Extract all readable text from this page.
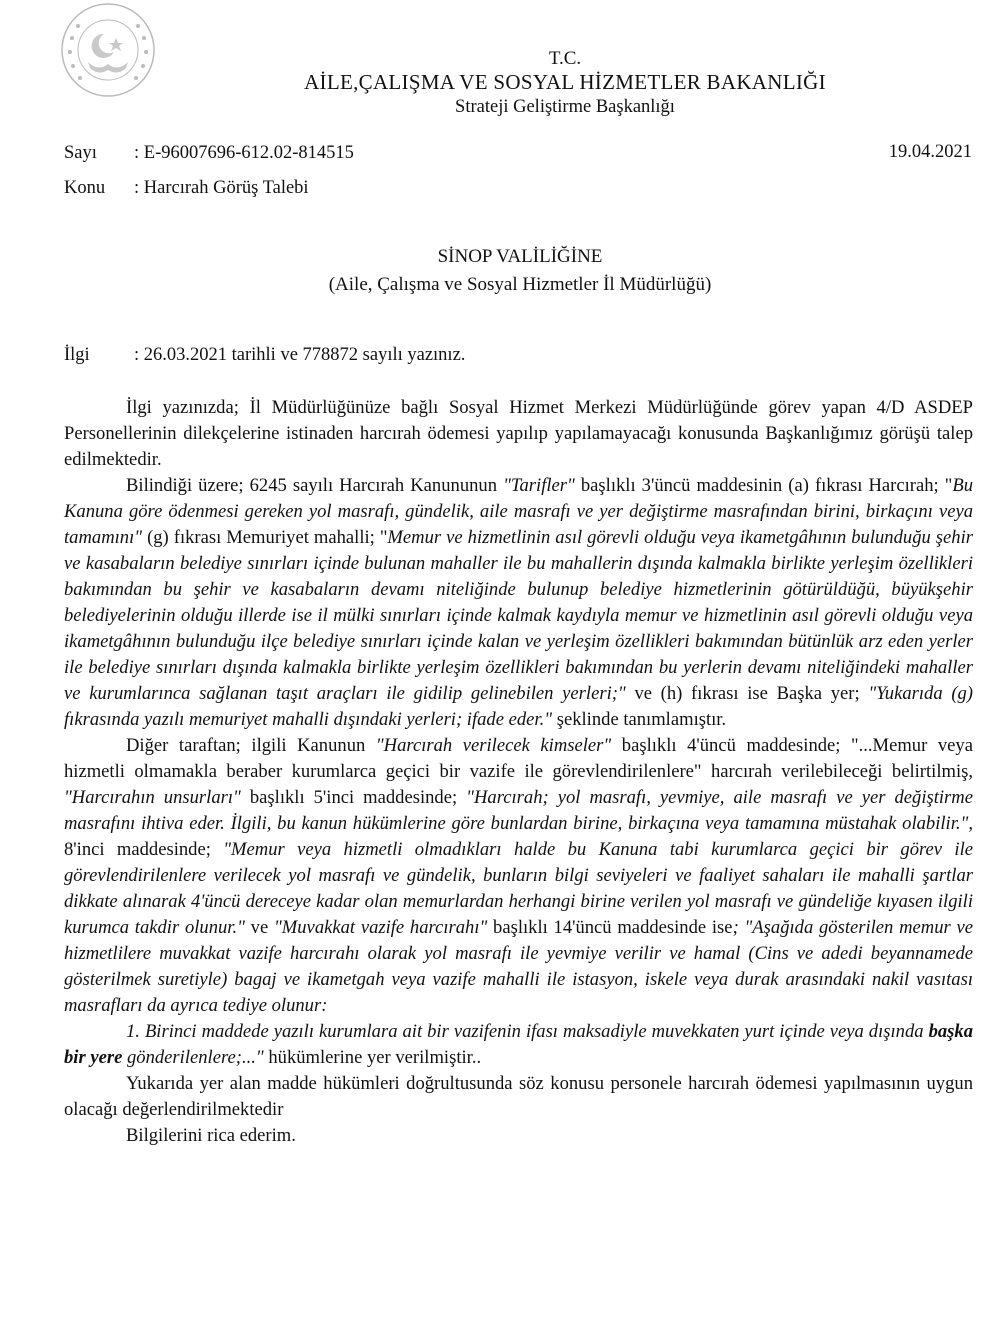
T.C.
AİLE,ÇALIŞMA VE SOSYAL HİZMETLER BAKANLIĞI
Strateji Geliştirme Başkanlığı
Sayı : E-96007696-612.02-814515	19.04.2021
Konu : Harcırah Görüş Talebi
SİNOP VALİLİĞİNE
(Aile, Çalışma ve Sosyal Hizmetler İl Müdürlüğü)
İlgi : 26.03.2021 tarihli ve 778872 sayılı yazınız.

İlgi yazınızda; İl Müdürlüğünüze bağlı Sosyal Hizmet Merkezi Müdürlüğünde görev yapan 4/D ASDEP Personellerinin dilekçelerine istinaden harcırah ödemesi yapılıp yapılamayacağı konusunda Başkanlığımız görüşü talep edilmektedir.

Bilindiği üzere; 6245 sayılı Harcırah Kanununun "Tarifler" başlıklı 3'üncü maddesinin (a) fıkrası Harcırah; "Bu Kanuna göre ödenmesi gereken yol masrafı, gündelik, aile masrafı ve yer değiştirme masrafından birini, birkaçını veya tamamını" (g) fıkrası Memuriyet mahalli; "Memur ve hizmetlinin asıl görevli olduğu veya ikametgâhının bulunduğu şehir ve kasabaların belediye sınırları içinde bulunan mahaller ile bu mahallerin dışında kalmakla birlikte yerleşim özellikleri bakımından bu şehir ve kasabaların devamı niteliğinde bulunup belediye hizmetlerinin götürüldüğü, büyükşehir belediyelerinin olduğu illerde ise il mülki sınırları içinde kalmak kaydıyla memur ve hizmetlinin asıl görevli olduğu veya ikametgâhının bulunduğu ilçe belediye sınırları içinde kalan ve yerleşim özellikleri bakımından bütünlük arz eden yerler ile belediye sınırları dışında kalmakla birlikte yerleşim özellikleri bakımından bu yerlerin devamı niteliğindeki mahaller ve kurumlarınca sağlanan taşıt araçları ile gidilip gelinebilen yerleri;" ve (h) fıkrası ise Başka yer; "Yukarıda (g) fıkrasında yazılı memuriyet mahalli dışındaki yerleri; ifade eder." şeklinde tanımlamıştır.

Diğer taraftan; ilgili Kanunun "Harcırah verilecek kimseler" başlıklı 4'üncü maddesinde; "...Memur veya hizmetli olmamakla beraber kurumlarca geçici bir vazife ile görevlendirilenlere" harcırah verilebileceği belirtilmiş, "Harcırahın unsurları" başlıklı 5'inci maddesinde; "Harcırah; yol masrafı, yevmiye, aile masrafı ve yer değiştirme masrafını ihtiva eder. İlgili, bu kanun hükümlerine göre bunlardan birine, birkaçına veya tamamına müstahak olabilir.", 8'inci maddesinde; "Memur veya hizmetli olmadıkları halde bu Kanuna tabi kurumlarca geçici bir görev ile görevlendirilenlere verilecek yol masrafı ve gündelik, bunların bilgi seviyeleri ve faaliyet sahaları ile mahalli şartlar dikkate alınarak 4'üncü dereceye kadar olan memurlardan herhangi birine verilen yol masrafı ve gündeliğe kıyasen ilgili kurumca takdir olunur." ve "Muvakkat vazife harcırahı" başlıklı 14'üncü maddesinde ise; "Aşağıda gösterilen memur ve hizmetlilere muvakkat vazife harcırahı olarak yol masrafı ile yevmiye verilir ve hamal (Cins ve adedi beyannamede gösterilmek suretiyle) bagaj ve ikametgah veya vazife mahalli ile istasyon, iskele veya durak arasındaki nakil vasıtası masrafları da ayrıca tediye olunur:

1. Birinci maddede yazılı kurumlara ait bir vazifenin ifası maksadiyle muvekkaten yurt içinde veya dışında başka bir yere gönderilenlere;..." hükümlerine yer verilmiştir..

Yukarıda yer alan madde hükümleri doğrultusunda söz konusu personele harcırah ödemesi yapılmasının uygun olacağı değerlendirilmektedir

Bilgilerini rica ederim.
